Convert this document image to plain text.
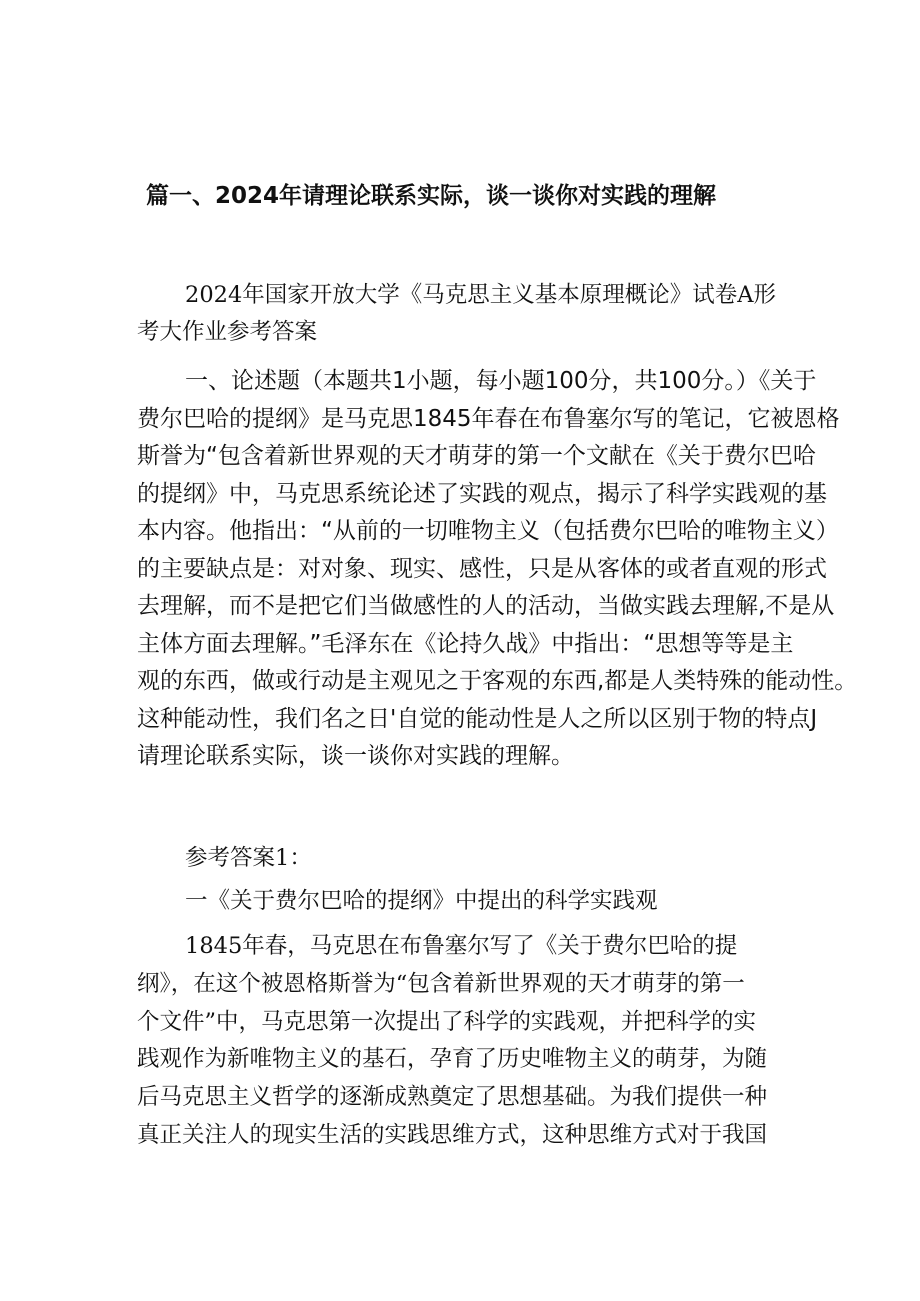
篇一、2024年请理论联系实际，谈一谈你对实践的理解
2024年国家开放大学《马克思主义基本原理概论》试卷A形
考大作业参考答案
一、论述题（本题共1小题，每小题100分，共100分。）《关于
费尔巴哈的提纲》是马克思1845年春在布鲁塞尔写的笔记，它被恩格
斯誉为“包含着新世界观的天才萌芽的第一个文献在《关于费尔巴哈
的提纲》中，马克思系统论述了实践的观点，揭示了科学实践观的基
本内容。他指出：“从前的一切唯物主义（包括费尔巴哈的唯物主义）
的主要缺点是：对对象、现实、感性，只是从客体的或者直观的形式
去理解，而不是把它们当做感性的人的活动，当做实践去理解,不是从
主体方面去理解。”毛泽东在《论持久战》中指出：“思想等等是主
观的东西，做或行动是主观见之于客观的东西,都是人类特殊的能动性。
这种能动性，我们名之日'自觉的能动性是人之所以区别于物的特点J
请理论联系实际，谈一谈你对实践的理解。
参考答案1：
一《关于费尔巴哈的提纲》中提出的科学实践观
1845年春，马克思在布鲁塞尔写了《关于费尔巴哈的提
纲》，在这个被恩格斯誉为“包含着新世界观的天才萌芽的第一
个文件”中，马克思第一次提出了科学的实践观，并把科学的实
践观作为新唯物主义的基石，孕育了历史唯物主义的萌芽，为随
后马克思主义哲学的逐渐成熟奠定了思想基础。为我们提供一种
真正关注人的现实生活的实践思维方式，这种思维方式对于我国
